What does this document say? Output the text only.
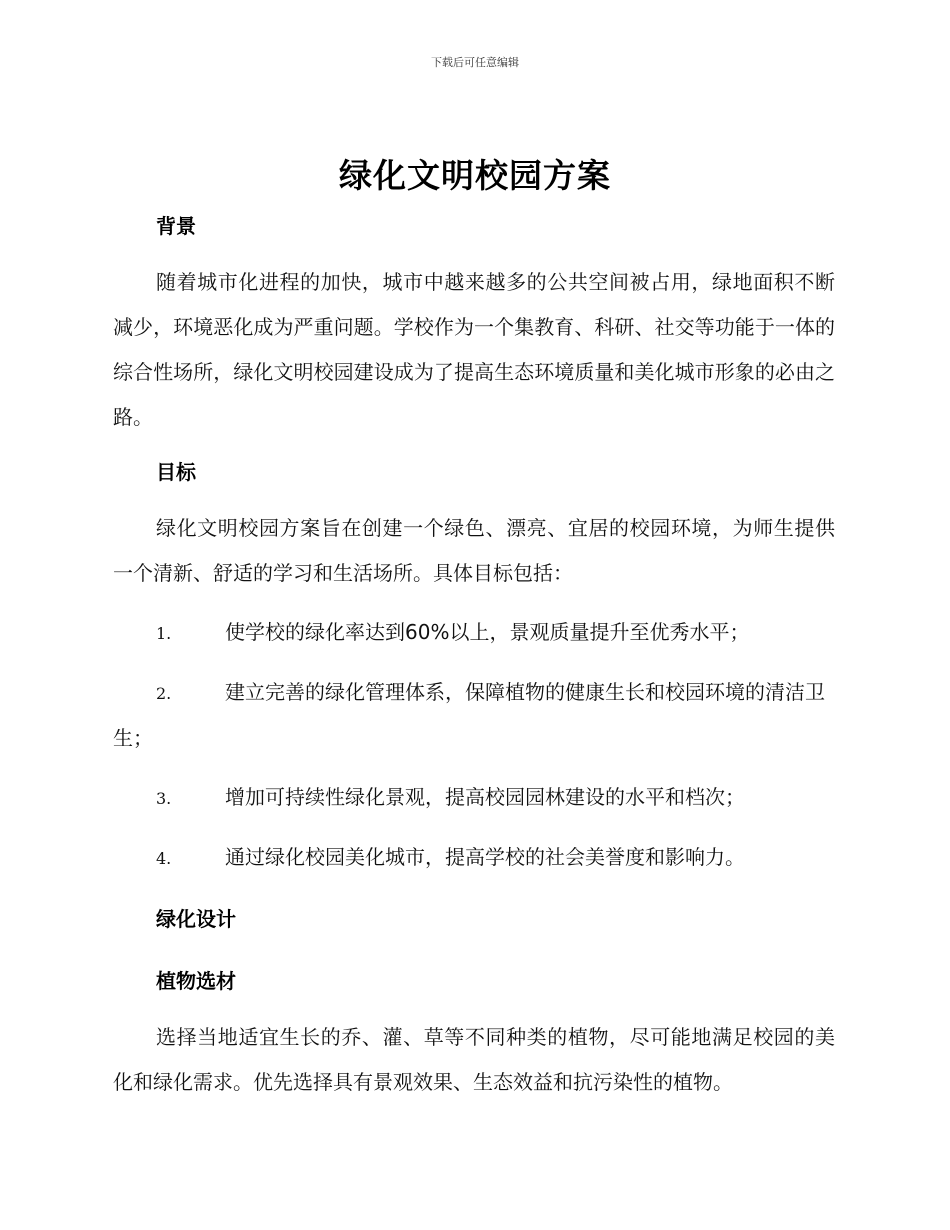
下载后可任意编辑
绿化文明校园方案

背景

随着城市化进程的加快，城市中越来越多的公共空间被占用，绿地面积不断减少，环境恶化成为严重问题。学校作为一个集教育、科研、社交等功能于一体的综合性场所，绿化文明校园建设成为了提高生态环境质量和美化城市形象的必由之路。

目标

绿化文明校园方案旨在创建一个绿色、漂亮、宜居的校园环境，为师生提供一个清新、舒适的学习和生活场所。具体目标包括：

1.	使学校的绿化率达到60%以上，景观质量提升至优秀水平；
2.	建立完善的绿化管理体系，保障植物的健康生长和校园环境的清洁卫生；
3.	增加可持续性绿化景观，提高校园园林建设的水平和档次；
4.	通过绿化校园美化城市，提高学校的社会美誉度和影响力。

绿化设计

植物选材

选择当地适宜生长的乔、灌、草等不同种类的植物，尽可能地满足校园的美化和绿化需求。优先选择具有景观效果、生态效益和抗污染性的植物。
